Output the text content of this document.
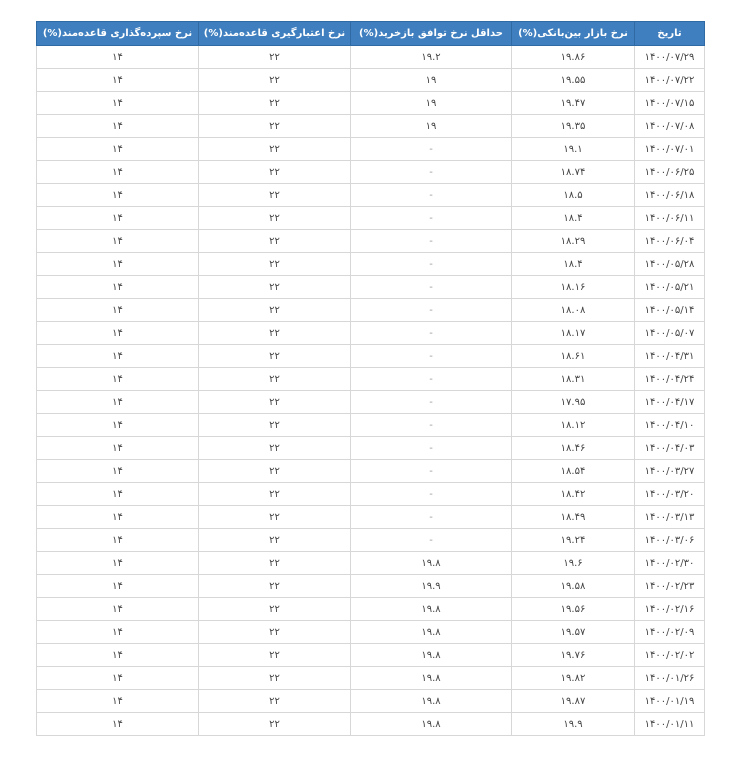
تاریخ	نرخ بازار بین‌بانکی(%)	حداقل نرخ توافق بازخرید(%)	نرخ اعتبارگیری قاعده‌مند(%)	نرخ سپرده‌گذاری قاعده‌مند(%)
۱۴۰۰/۰۷/۲۹	۱۹.۸۶	۱۹.۲	۲۲	۱۴
۱۴۰۰/۰۷/۲۲	۱۹.۵۵	۱۹	۲۲	۱۴
۱۴۰۰/۰۷/۱۵	۱۹.۴۷	۱۹	۲۲	۱۴
۱۴۰۰/۰۷/۰۸	۱۹.۳۵	۱۹	۲۲	۱۴
۱۴۰۰/۰۷/۰۱	۱۹.۱	-	۲۲	۱۴
۱۴۰۰/۰۶/۲۵	۱۸.۷۴	-	۲۲	۱۴
۱۴۰۰/۰۶/۱۸	۱۸.۵	-	۲۲	۱۴
۱۴۰۰/۰۶/۱۱	۱۸.۴	-	۲۲	۱۴
۱۴۰۰/۰۶/۰۴	۱۸.۲۹	-	۲۲	۱۴
۱۴۰۰/۰۵/۲۸	۱۸.۴	-	۲۲	۱۴
۱۴۰۰/۰۵/۲۱	۱۸.۱۶	-	۲۲	۱۴
۱۴۰۰/۰۵/۱۴	۱۸.۰۸	-	۲۲	۱۴
۱۴۰۰/۰۵/۰۷	۱۸.۱۷	-	۲۲	۱۴
۱۴۰۰/۰۴/۳۱	۱۸.۶۱	-	۲۲	۱۴
۱۴۰۰/۰۴/۲۴	۱۸.۳۱	-	۲۲	۱۴
۱۴۰۰/۰۴/۱۷	۱۷.۹۵	-	۲۲	۱۴
۱۴۰۰/۰۴/۱۰	۱۸.۱۲	-	۲۲	۱۴
۱۴۰۰/۰۴/۰۳	۱۸.۴۶	-	۲۲	۱۴
۱۴۰۰/۰۳/۲۷	۱۸.۵۴	-	۲۲	۱۴
۱۴۰۰/۰۳/۲۰	۱۸.۴۲	-	۲۲	۱۴
۱۴۰۰/۰۳/۱۳	۱۸.۴۹	-	۲۲	۱۴
۱۴۰۰/۰۳/۰۶	۱۹.۲۴	-	۲۲	۱۴
۱۴۰۰/۰۲/۳۰	۱۹.۶	۱۹.۸	۲۲	۱۴
۱۴۰۰/۰۲/۲۳	۱۹.۵۸	۱۹.۹	۲۲	۱۴
۱۴۰۰/۰۲/۱۶	۱۹.۵۶	۱۹.۸	۲۲	۱۴
۱۴۰۰/۰۲/۰۹	۱۹.۵۷	۱۹.۸	۲۲	۱۴
۱۴۰۰/۰۲/۰۲	۱۹.۷۶	۱۹.۸	۲۲	۱۴
۱۴۰۰/۰۱/۲۶	۱۹.۸۲	۱۹.۸	۲۲	۱۴
۱۴۰۰/۰۱/۱۹	۱۹.۸۷	۱۹.۸	۲۲	۱۴
۱۴۰۰/۰۱/۱۱	۱۹.۹	۱۹.۸	۲۲	۱۴
